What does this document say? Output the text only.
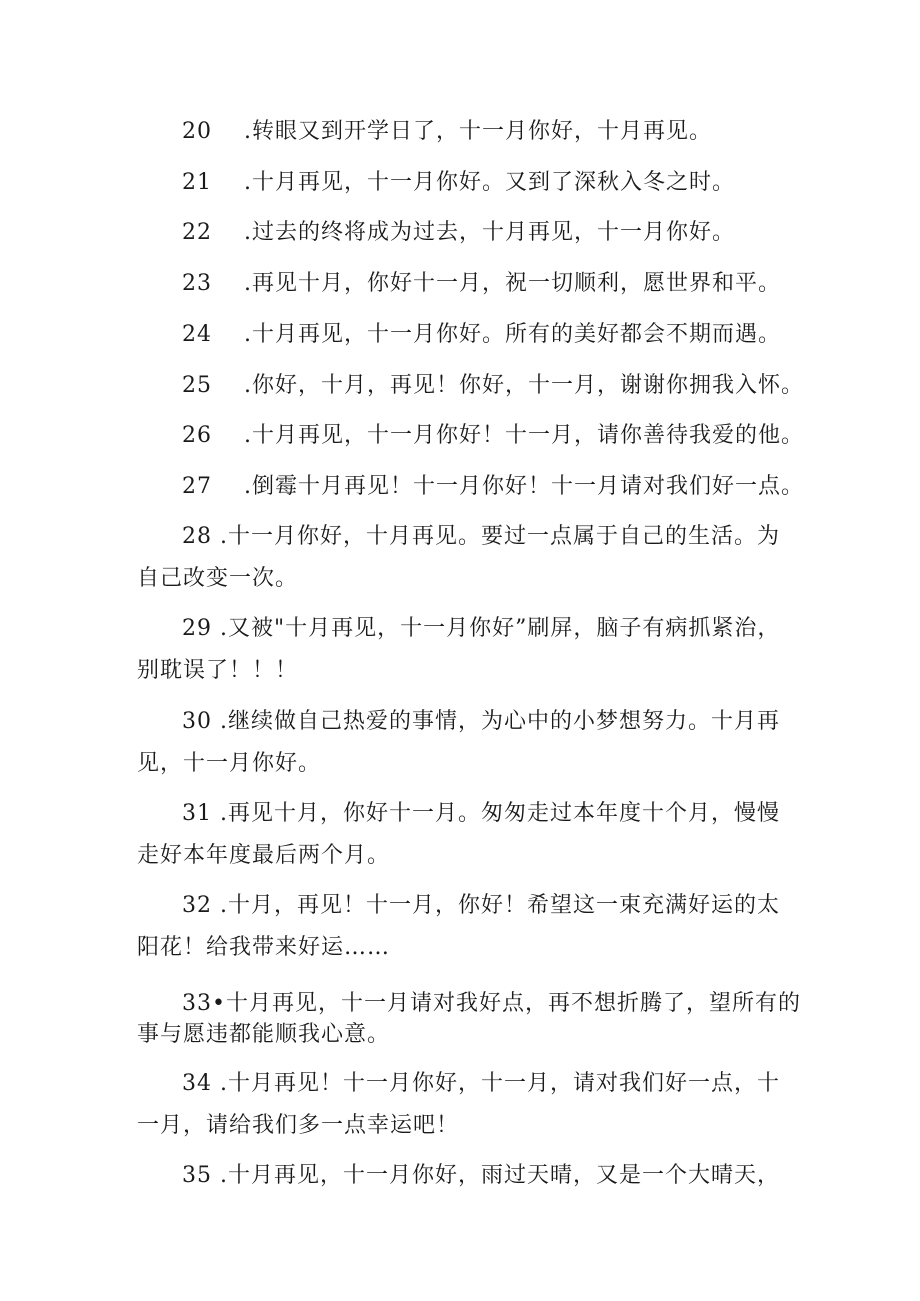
20 .转眼又到开学日了，十一月你好，十月再见。
21 .十月再见，十一月你好。又到了深秋入冬之时。
22 .过去的终将成为过去，十月再见，十一月你好。
23 .再见十月，你好十一月，祝一切顺利，愿世界和平。
24 .十月再见，十一月你好。所有的美好都会不期而遇。
25 .你好，十月，再见！你好，十一月，谢谢你拥我入怀。
26 .十月再见，十一月你好！十一月，请你善待我爱的他。
27 .倒霉十月再见！十一月你好！十一月请对我们好一点。
28 .十一月你好，十月再见。要过一点属于自己的生活。为
自己改变一次。
29 .又被"十月再见，十一月你好”刷屏，脑子有病抓紧治，
别耽误了！！！
30 .继续做自己热爱的事情，为心中的小梦想努力。十月再
见，十一月你好。
31 .再见十月，你好十一月。匆匆走过本年度十个月，慢慢
走好本年度最后两个月。
32 .十月，再见！十一月，你好！希望这一束充满好运的太
阳花！给我带来好运……
33•十月再见，十一月请对我好点，再不想折腾了，望所有的
事与愿违都能顺我心意。
34 .十月再见！十一月你好，十一月，请对我们好一点，十
一月，请给我们多一点幸运吧！
35 .十月再见，十一月你好，雨过天晴，又是一个大晴天，
